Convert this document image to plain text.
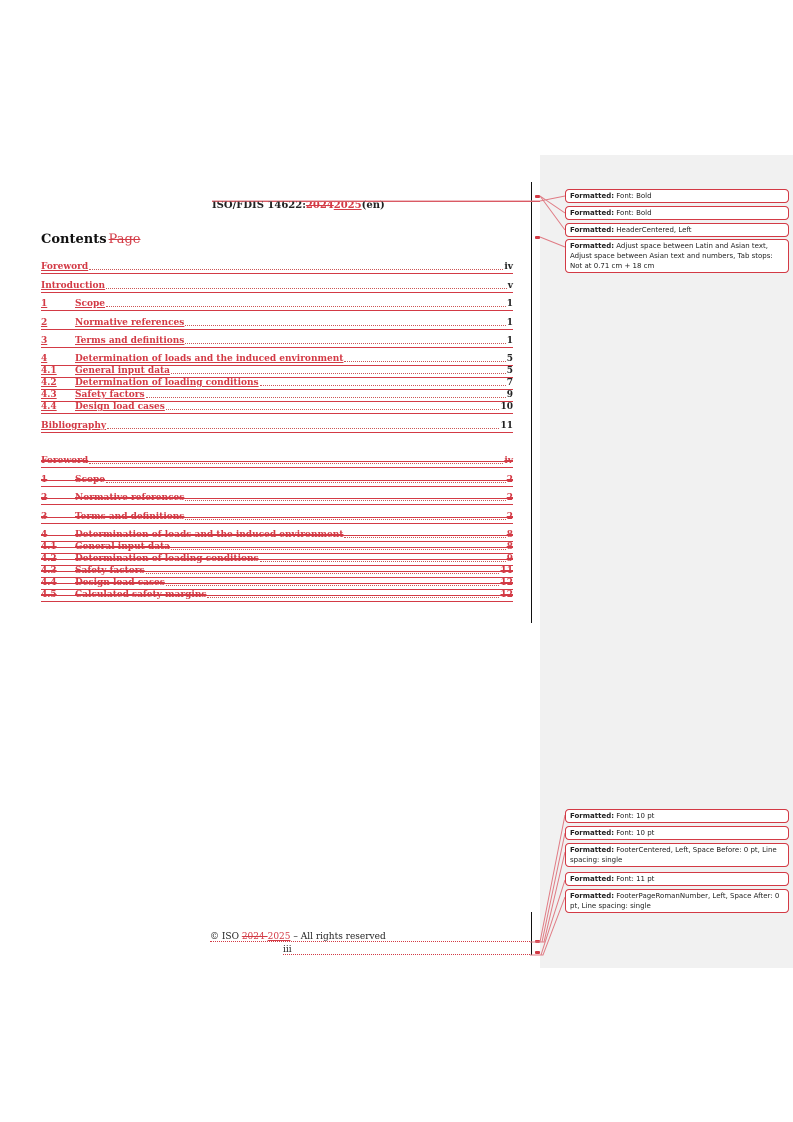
ISO/FDIS 14622:20242025(en)
Contents Page
Foreword	iv
Introduction	v
1	Scope	1
2	Normative references	1
3	Terms and definitions	1
4	Determination of loads and the induced environment	5
4.1	General input data	5
4.2	Determination of loading conditions	7
4.3	Safety factors	9
4.4	Design load cases	10
Bibliography	11
Foreword	iv
1	Scope	2
2	Normative references	2
3	Terms and definitions	2
4	Determination of loads and the induced environment	8
4.1	General input data	8
4.2	Determination of loading conditions	9
4.3	Safety factors	11
4.4	Design load cases	12
4.5	Calculated safety margins	12
© ISO 2024 2025 – All rights reserved
iii
Formatted: Font: Bold
Formatted: Font: Bold
Formatted: HeaderCentered, Left
Formatted: Adjust space between Latin and Asian text, Adjust space between Asian text and numbers, Tab stops: Not at 0.71 cm + 18 cm
Formatted: Font: 10 pt
Formatted: Font: 10 pt
Formatted: FooterCentered, Left, Space Before: 0 pt, Line spacing: single
Formatted: Font: 11 pt
Formatted: FooterPageRomanNumber, Left, Space After: 0 pt, Line spacing: single
